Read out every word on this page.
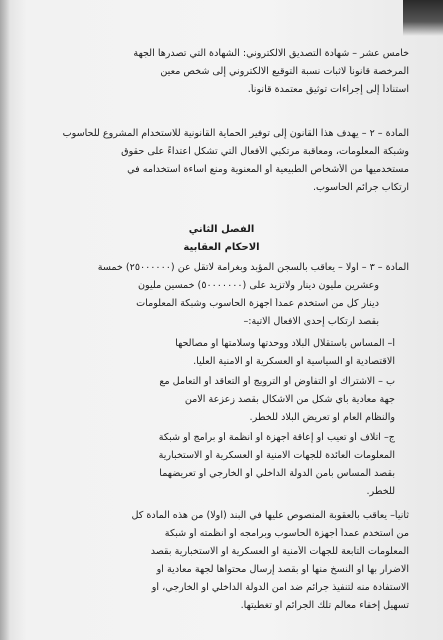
خامس عشر – شهادة التصديق الالكتروني: الشهادة التي تصدرها الجهة
المرخصة قانوناً لاثبات نسبة التوقيع الالكتروني إلى شخص معين
استناداً إلى إجراءات توثيق معتمدة قانوناً.
المادة – ٢ – يهدف هذا القانون إلى توفير الحماية القانونية للاستخدام المشروع للحاسوب
وشبكة المعلومات، ومعاقبة مرتكبي الأفعال التي تشكل اعتداءً على حقوق
مستخدميها من الأشخاص الطبيعية أو المعنوية ومنع اساءة استخدامه في
ارتكاب جرائم الحاسوب.
الفصل الثاني
الاحكام العقابية
المادة – ٣ – اولا – يعاقب بالسجن المؤبد وبغرامة لاتقل عن (٢٥٠٠٠٠٠٠) خمسة
وعشرين مليون دينار ولاتزيد على (٥٠٠٠٠٠٠٠) خمسين مليون
دينار كل من استخدم عمداً اجهزة الحاسوب وشبكة المعلومات
بقصد ارتكاب إحدى الافعال الاتية:–
أ– المساس باستقلال البلاد ووحدتها وسلامتها او مصالحها
الاقتصادية او السياسية او العسكرية او الامنية العليا.
ب – الاشتراك أو التفاوض أو الترويج أو التعاقد أو التعامل مع
جهة معادية بأي شكل من الاشكال بقصد زعزعة الامن
والنظام العام او تعريض البلاد للخطر.
ج– اتلاف أو تعيب أو إعاقة أجهزة أو أنظمة أو برامج أو شبكة
المعلومات العائدة للجهات الامنية أو العسكرية أو الاستخبارية
بقصد المساس بأمن الدولة الداخلي أو الخارجي أو تعريضهما
للخطر.
ثانياً– يعاقب بالعقوبة المنصوص عليها في البند (اولا) من هذه المادة كل
من استخدم عمداً أجهزة الحاسوب وبرامجه أو أنظمته أو شبكة
المعلومات التابعة للجهات الأمنية او العسكرية او الاستخبارية بقصد
الاضرار بها او النسخ منها أو بقصد إرسال محتواها لجهة معادية او
الاستفادة منه لتنفيذ جرائم ضد امن الدولة الداخلي او الخارجي، أو
تسهيل إخفاء معالم تلك الجرائم او تغطيتها.
